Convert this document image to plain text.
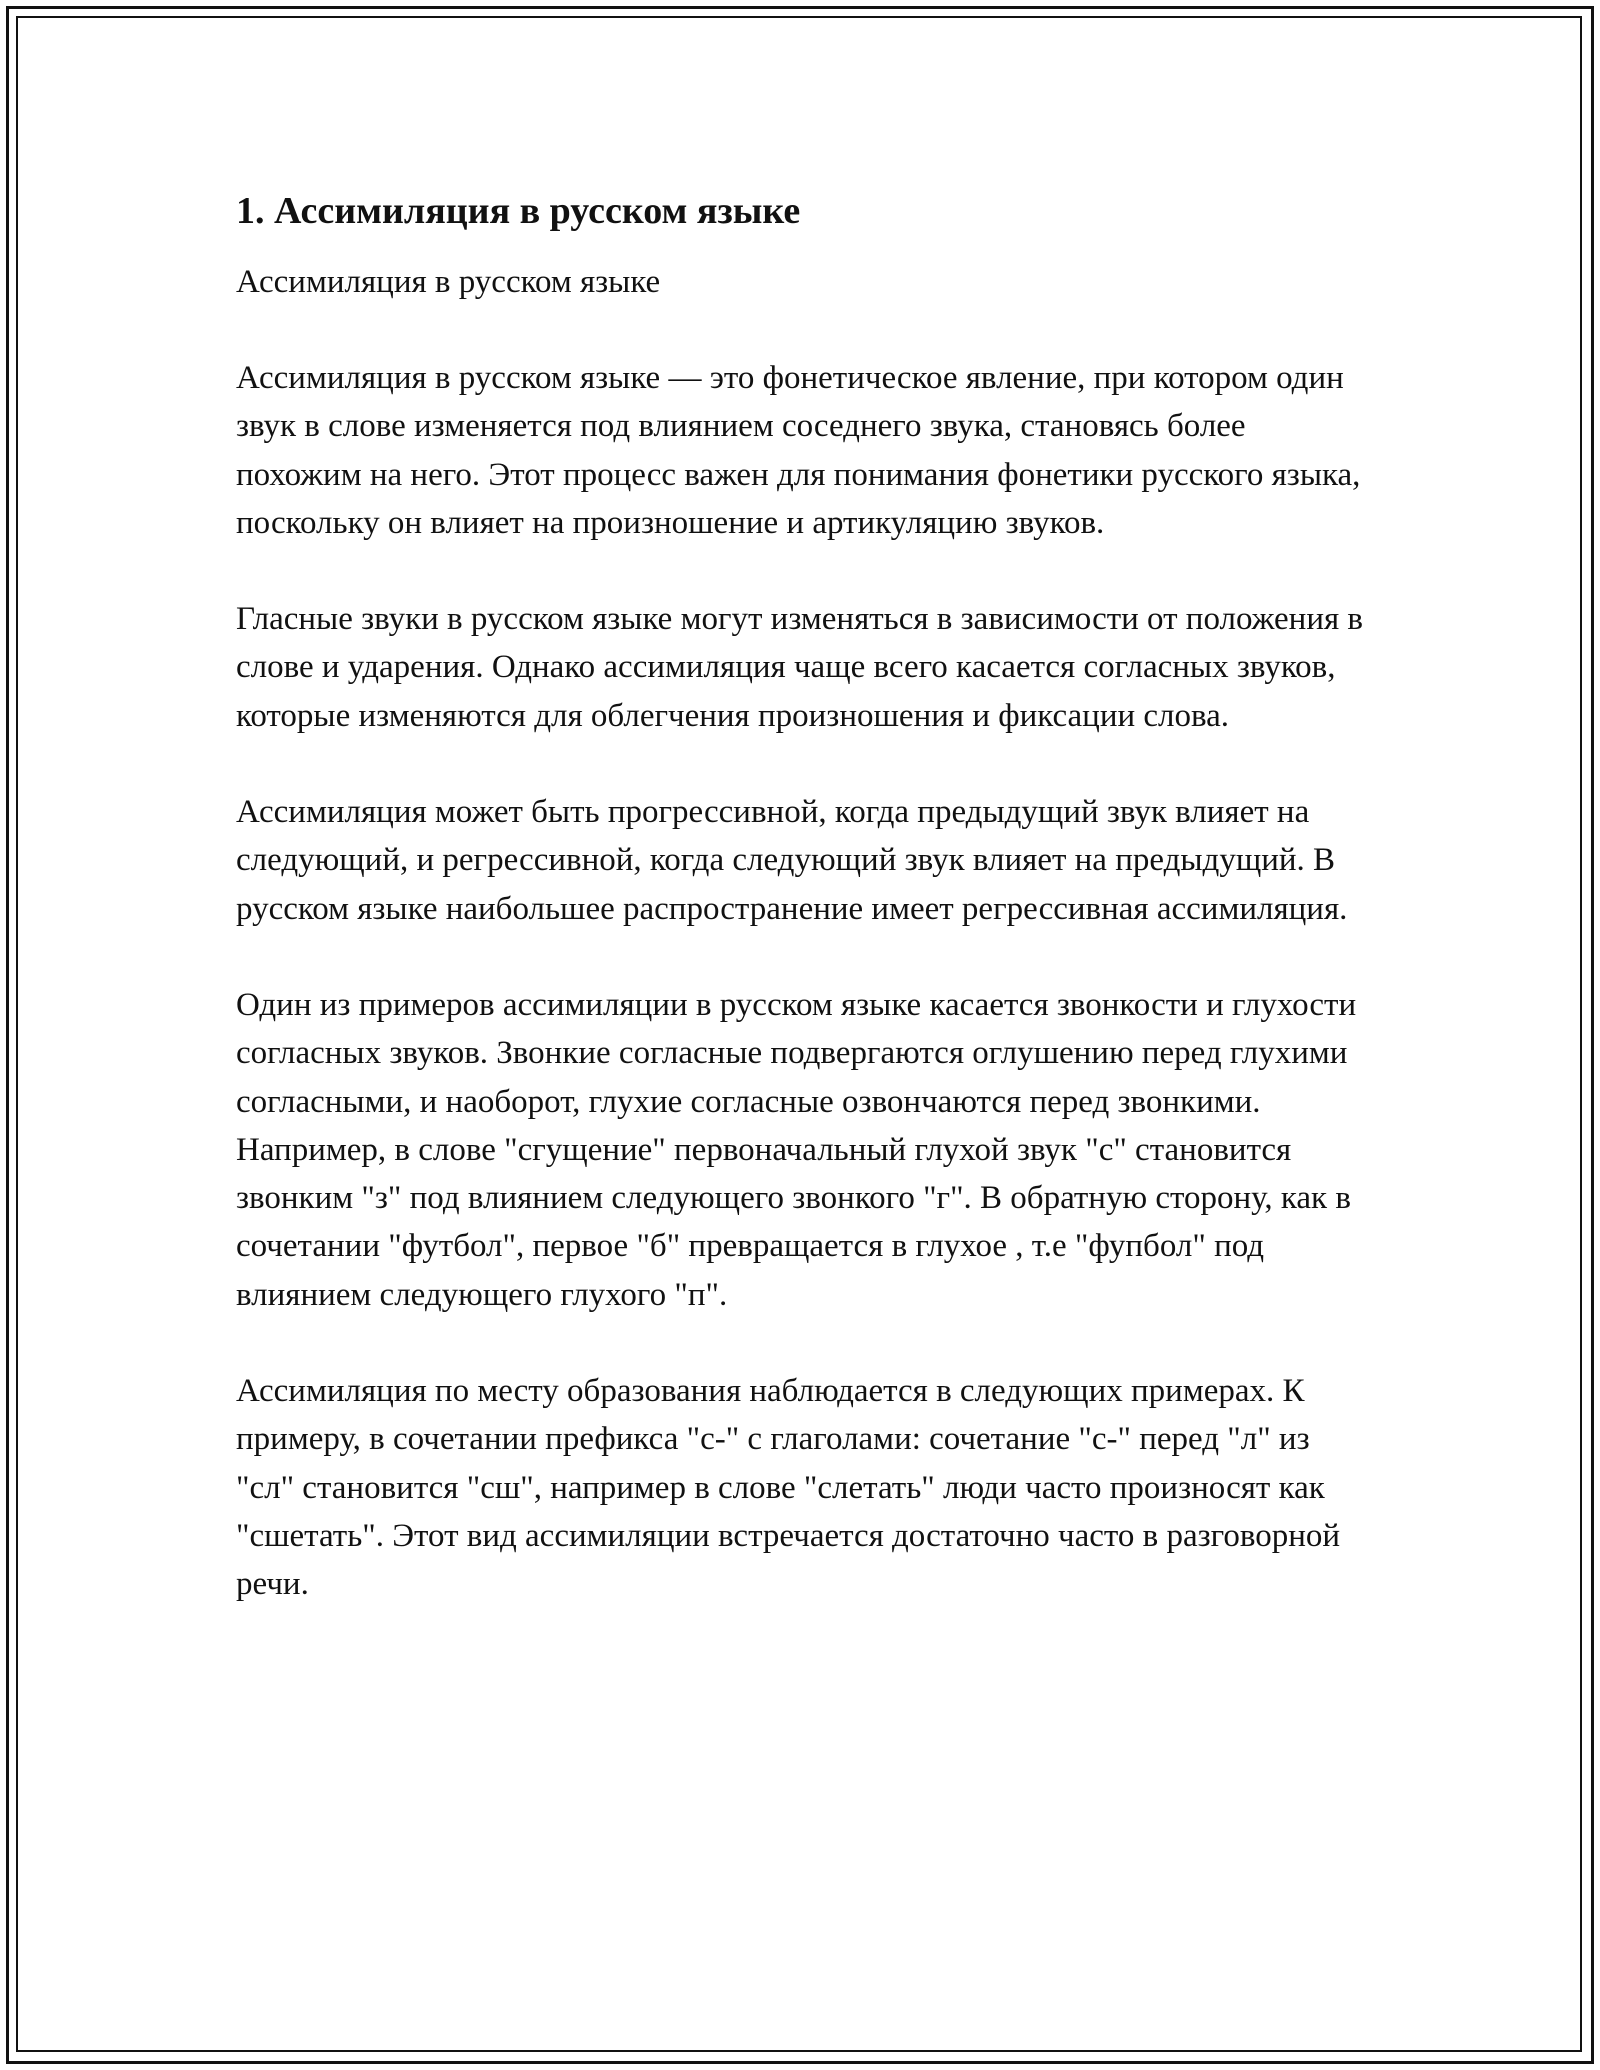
1. Ассимиляция в русском языке

Ассимиляция в русском языке

Ассимиляция в русском языке — это фонетическое явление, при котором один звук в слове изменяется под влиянием соседнего звука, становясь более похожим на него. Этот процесс важен для понимания фонетики русского языка, поскольку он влияет на произношение и артикуляцию звуков.

Гласные звуки в русском языке могут изменяться в зависимости от положения в слове и ударения. Однако ассимиляция чаще всего касается согласных звуков, которые изменяются для облегчения произношения и фиксации слова.

Ассимиляция может быть прогрессивной, когда предыдущий звук влияет на следующий, и регрессивной, когда следующий звук влияет на предыдущий. В русском языке наибольшее распространение имеет регрессивная ассимиляция.

Один из примеров ассимиляции в русском языке касается звонкости и глухости согласных звуков. Звонкие согласные подвергаются оглушению перед глухими согласными, и наоборот, глухие согласные озвончаются перед звонкими. Например, в слове "сгущение" первоначальный глухой звук "с" становится звонким "з" под влиянием следующего звонкого "г". В обратную сторону, как в сочетании "футбол", первое "б" превращается в глухое , т.е "фупбол" под влиянием следующего глухого "п".

Ассимиляция по месту образования наблюдается в следующих примерах. К примеру, в сочетании префикса "с-" с глаголами: сочетание "с-" перед "л" из "сл" становится "сш", например в слове "слетать" люди часто произносят как "сшетать". Этот вид ассимиляции встречается достаточно часто в разговорной речи.
